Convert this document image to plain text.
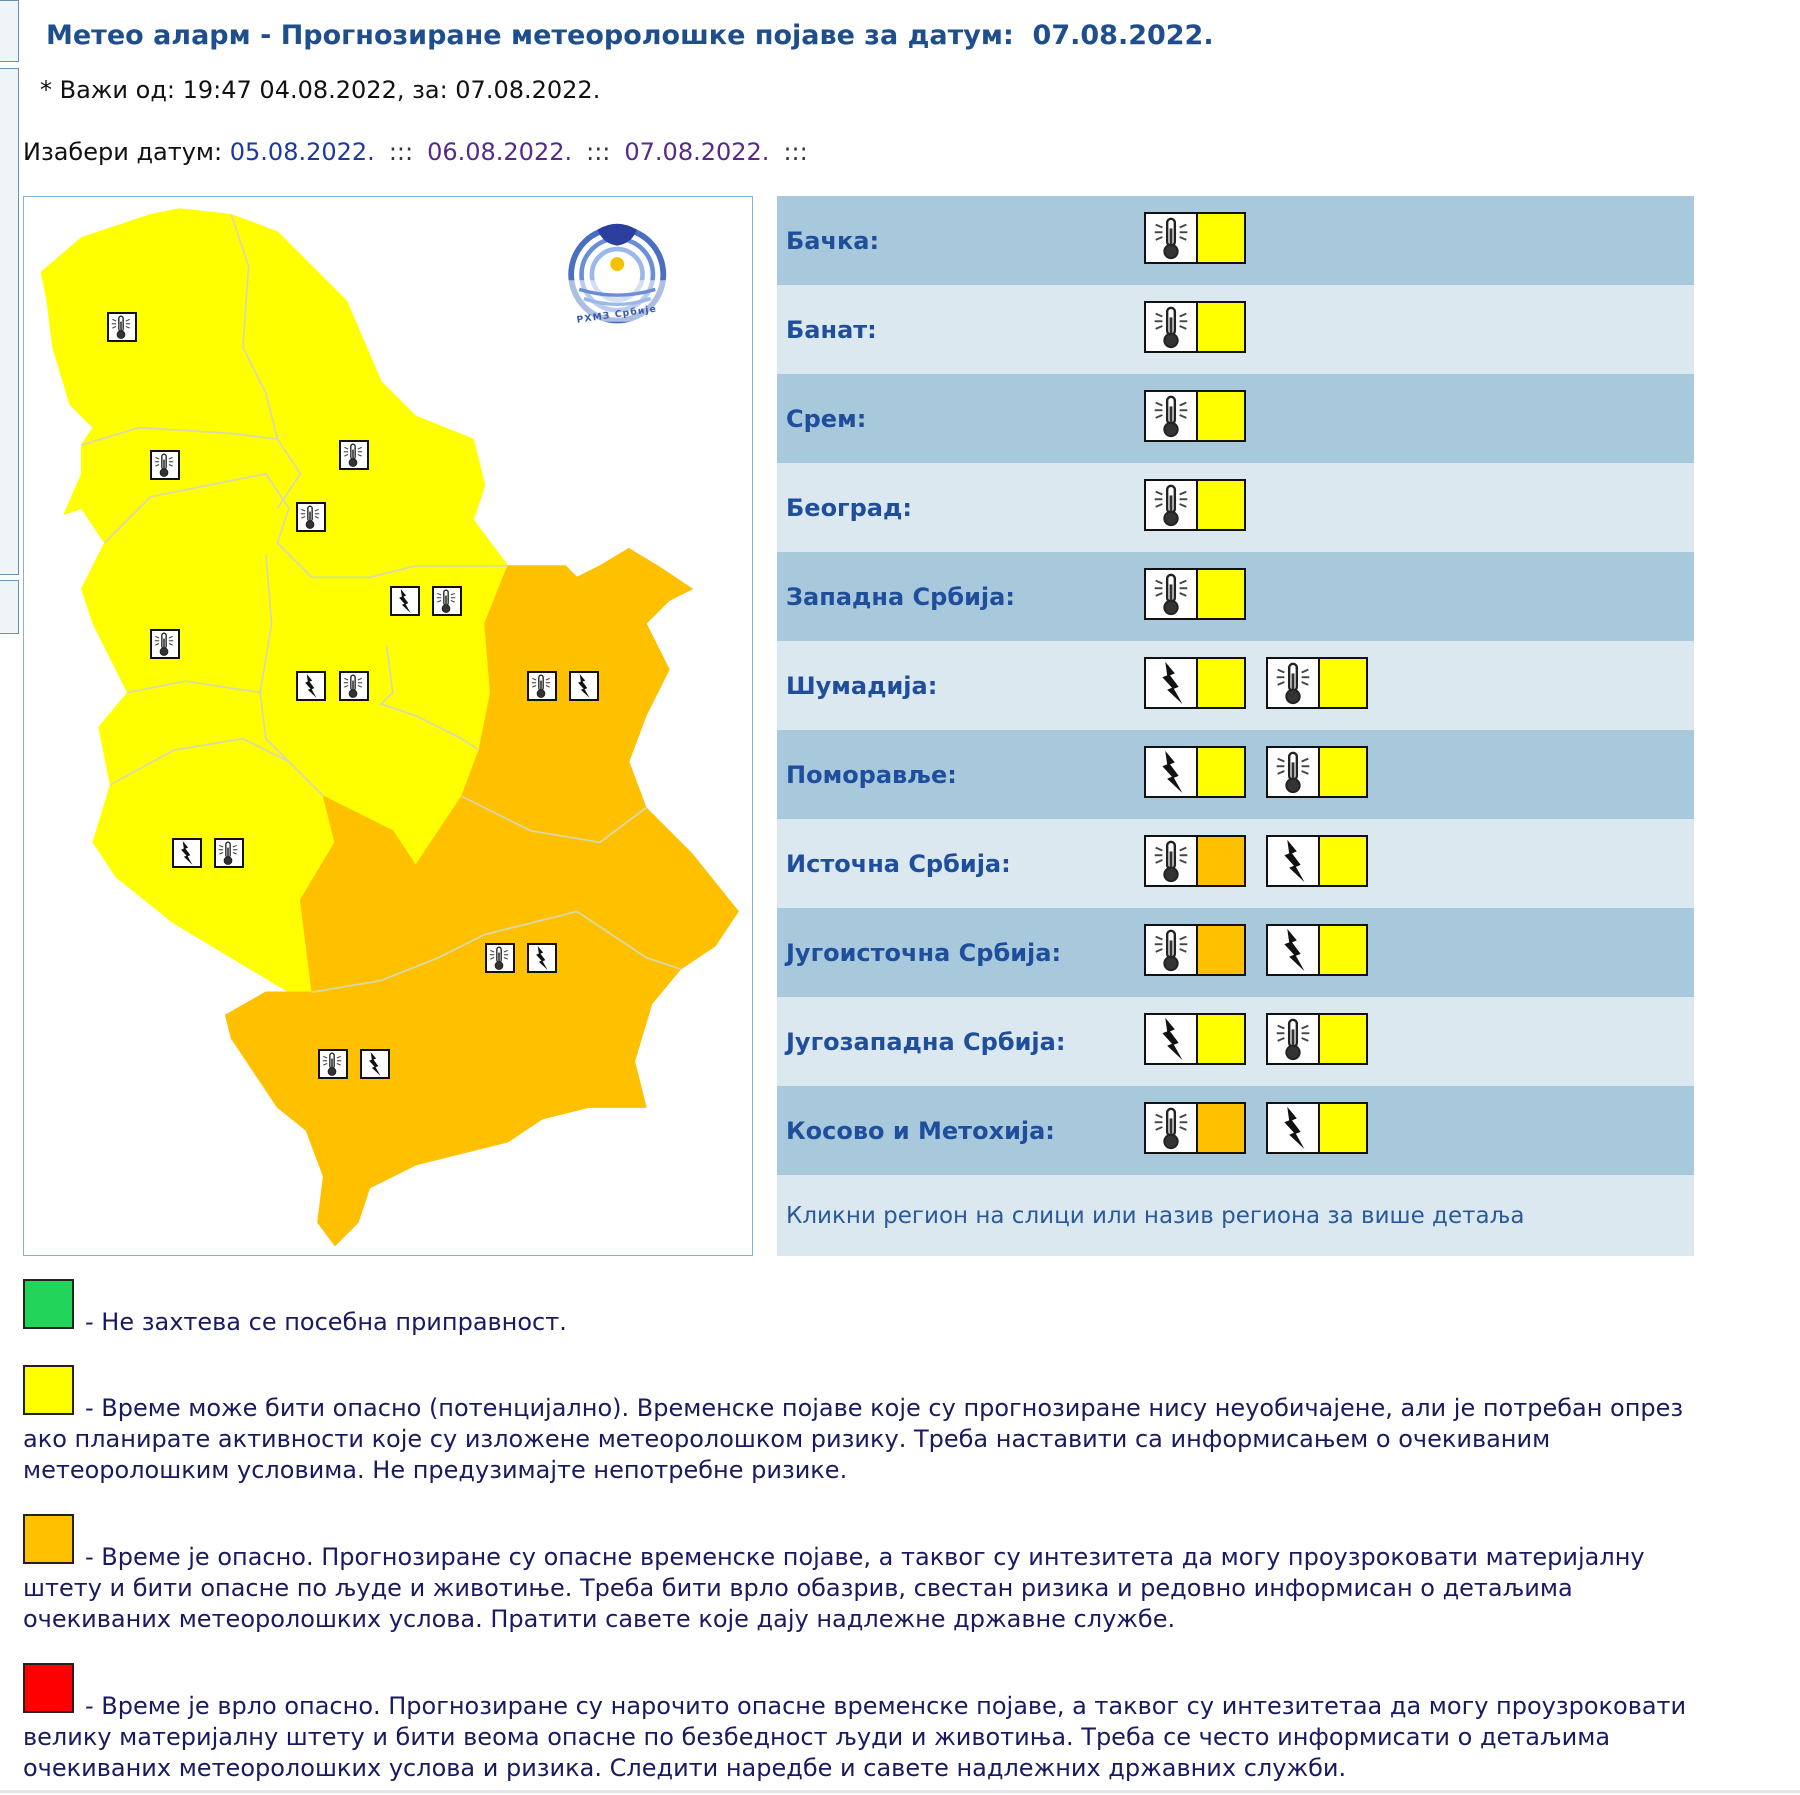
Метео аларм - Прогнозиране метеоролошке појаве за датум:  07.08.2022.
* Важи од: 19:47 04.08.2022, за: 07.08.2022.
Изабери датум: 05.08.2022. ::: 06.08.2022. ::: 07.08.2022. :::
РХМЗ Србије
Бачка:
Банат:
Срем:
Београд:
Западна Србија:
Шумадија:
Поморавље:
Источна Србија:
Југоисточна Србија:
Југозападна Србија:
Косово и Метохија:
Кликни регион на слици или назив региона за више детаља
- Не захтева се посебна приправност.
- Време може бити опасно (потенцијално). Временске појаве које су прогнозиране нису неуобичајене, али је потребан опрез ако планирате активности које су изложене метеоролошком ризику. Треба наставити са информисањем о очекиваним метеоролошким условима. Не предузимајте непотребне ризике.
- Време је опасно. Прогнозиране су опасне временске појаве, а таквог су интезитета да могу проузроковати материјалну штету и бити опасне по људе и животиње. Треба бити врло обазрив, свестан ризика и редовно информисан о детаљима очекиваних метеоролошких услова. Пратити савете које дају надлежне државне службе.
- Време је врло опасно. Прогнозиране су нарочито опасне временске појаве, а таквог су интезитетаа да могу проузроковати велику материјалну штету и бити веома опасне по безбедност људи и животиња. Треба се често информисати о детаљима очекиваних метеоролошких услова и ризика. Следити наредбе и савете надлежних државних служби.
